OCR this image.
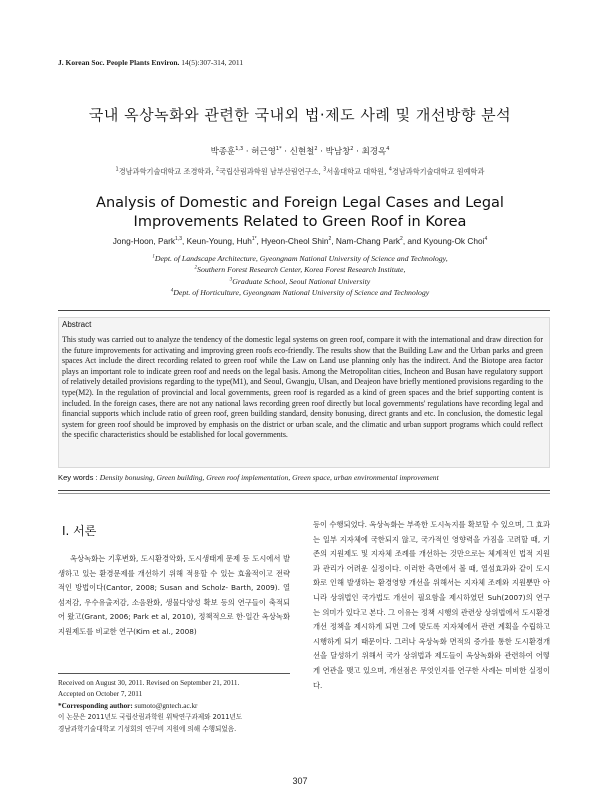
J. Korean Soc. People Plants Environ. 14(5):307-314, 2011
국내 옥상녹화와 관련한 국내외 법·제도 사례 및 개선방향 분석
박종훈$^{1,3}$ · 허근영$^{1*}$ · 신현철$^2$ · 박남창$^2$ · 최경옥$^4$
$^1$경남과학기술대학교 조경학과, $^2$국립산림과학원 남부산림연구소, $^3$서울대학교 대학원, $^4$경남과학기술대학교 원예학과
Analysis of Domestic and Foreign Legal Cases and Legal Improvements Related to Green Roof in Korea
Jong-Hoon, Park$^{1,3}$, Keun-Young, Huh$^{1*}$, Hyeon-Cheol Shin$^2$, Nam-Chang Park$^2$, and Kyoung-Ok Choi$^4$
$^1$Dept. of Landscape Architecture, Gyeongnam National University of Science and Technology,
$^2$Southern Forest Research Center, Korea Forest Research Institute,
$^3$Graduate School, Seoul National University
$^4$Dept. of Horticulture, Gyeongnam National University of Science and Technology
Abstract
This study was carried out to analyze the tendency of the domestic legal systems on green roof, compare it with the international and draw direction for the future improvements for activating and improving green roofs eco-friendly. The results show that the Building Law and the Urban parks and green spaces Act include the direct recording related to green roof while the Law on Land use planning only has the indirect. And the Biotope area factor plays an important role to indicate green roof and needs on the legal basis. Among the Metropolitan cities, Incheon and Busan have regulatory support of relatively detailed provisions regarding to the type(M1), and Seoul, Gwangju, Ulsan, and Deajeon have briefly mentioned provisions regarding to the type(M2). In the regulation of provincial and local governments, green roof is regarded as a kind of green spaces and the brief supporting content is included. In the foreign cases, there are not any national laws recording green roof directly but local governments' regulations have recording legal and financial supports which include ratio of green roof, green building standard, density bonusing, direct grants and etc. In conclusion, the domestic legal system for green roof should be improved by emphasis on the district or urban scale, and the climatic and urban support programs which could reflect the specific characteristics should be established for local governments.
Key words : Density bonusing, Green building, Green roof implementation, Green space, urban environmental improvement
I. 서론
옥상녹화는 기후변화, 도시환경악화, 도시생태계 문제 등 도시에서 발생하고 있는 환경문제를 개선하기 위해 적용할 수 있는 효율적이고 전략적인 방법이다(Cantor, 2008; Susan and Scholz- Barth, 2009). 열섬저감, 우수유출저감, 소음완화, 생물다양성 확보 등의 연구들이 축적되어 왔고(Grant, 2006; Park et al, 2010), 정책적으로 한·일간 옥상녹화 지원제도를 비교한 연구(Kim et al., 2008)
등이 수행되었다. 옥상녹화는 부족한 도시녹지를 확보할 수 있으며, 그 효과는 일부 지자체에 국한되지 않고, 국가적인 영향력을 가짐을 고려할 때, 기존의 지원제도 및 지자체 조례를 개선하는 것만으로는 체계적인 법적 지원과 관리가 어려운 실정이다. 이러한 측면에서 볼 때, 열섬효과와 같이 도시화로 인해 발생하는 환경영향 개선을 위해서는 지자체 조례와 지원뿐만 아니라 상위법인 국가법도 개선이 필요함을 제시하였던 Suh(2007)의 연구는 의미가 있다고 본다. 그 이유는 정책 시행의 관련상 상위법에서 도시환경개선 정책을 제시하게 되면 그에 맞도록 지자체에서 관련 계획을 수립하고 시행하게 되기 때문이다. 그러나 옥상녹화 면적의 증가를 통한 도시환경개선을 달성하기 위해서 국가 상위법과 제도들이 옥상녹화와 관련하여 어떻게 연관을 맺고 있으며, 개선점은 무엇인지를 연구한 사례는 미비한 실정이다.
Received on August 30, 2011. Revised on September 21, 2011.
Accepted on October 7, 2011
*Corresponding author: sumoto@gntech.ac.kr
이 논문은 2011년도 국립산림과학원 위탁연구과제와 2011년도
경남과학기술대학교 기성회의 연구비 지원에 의해 수행되었음.
307
